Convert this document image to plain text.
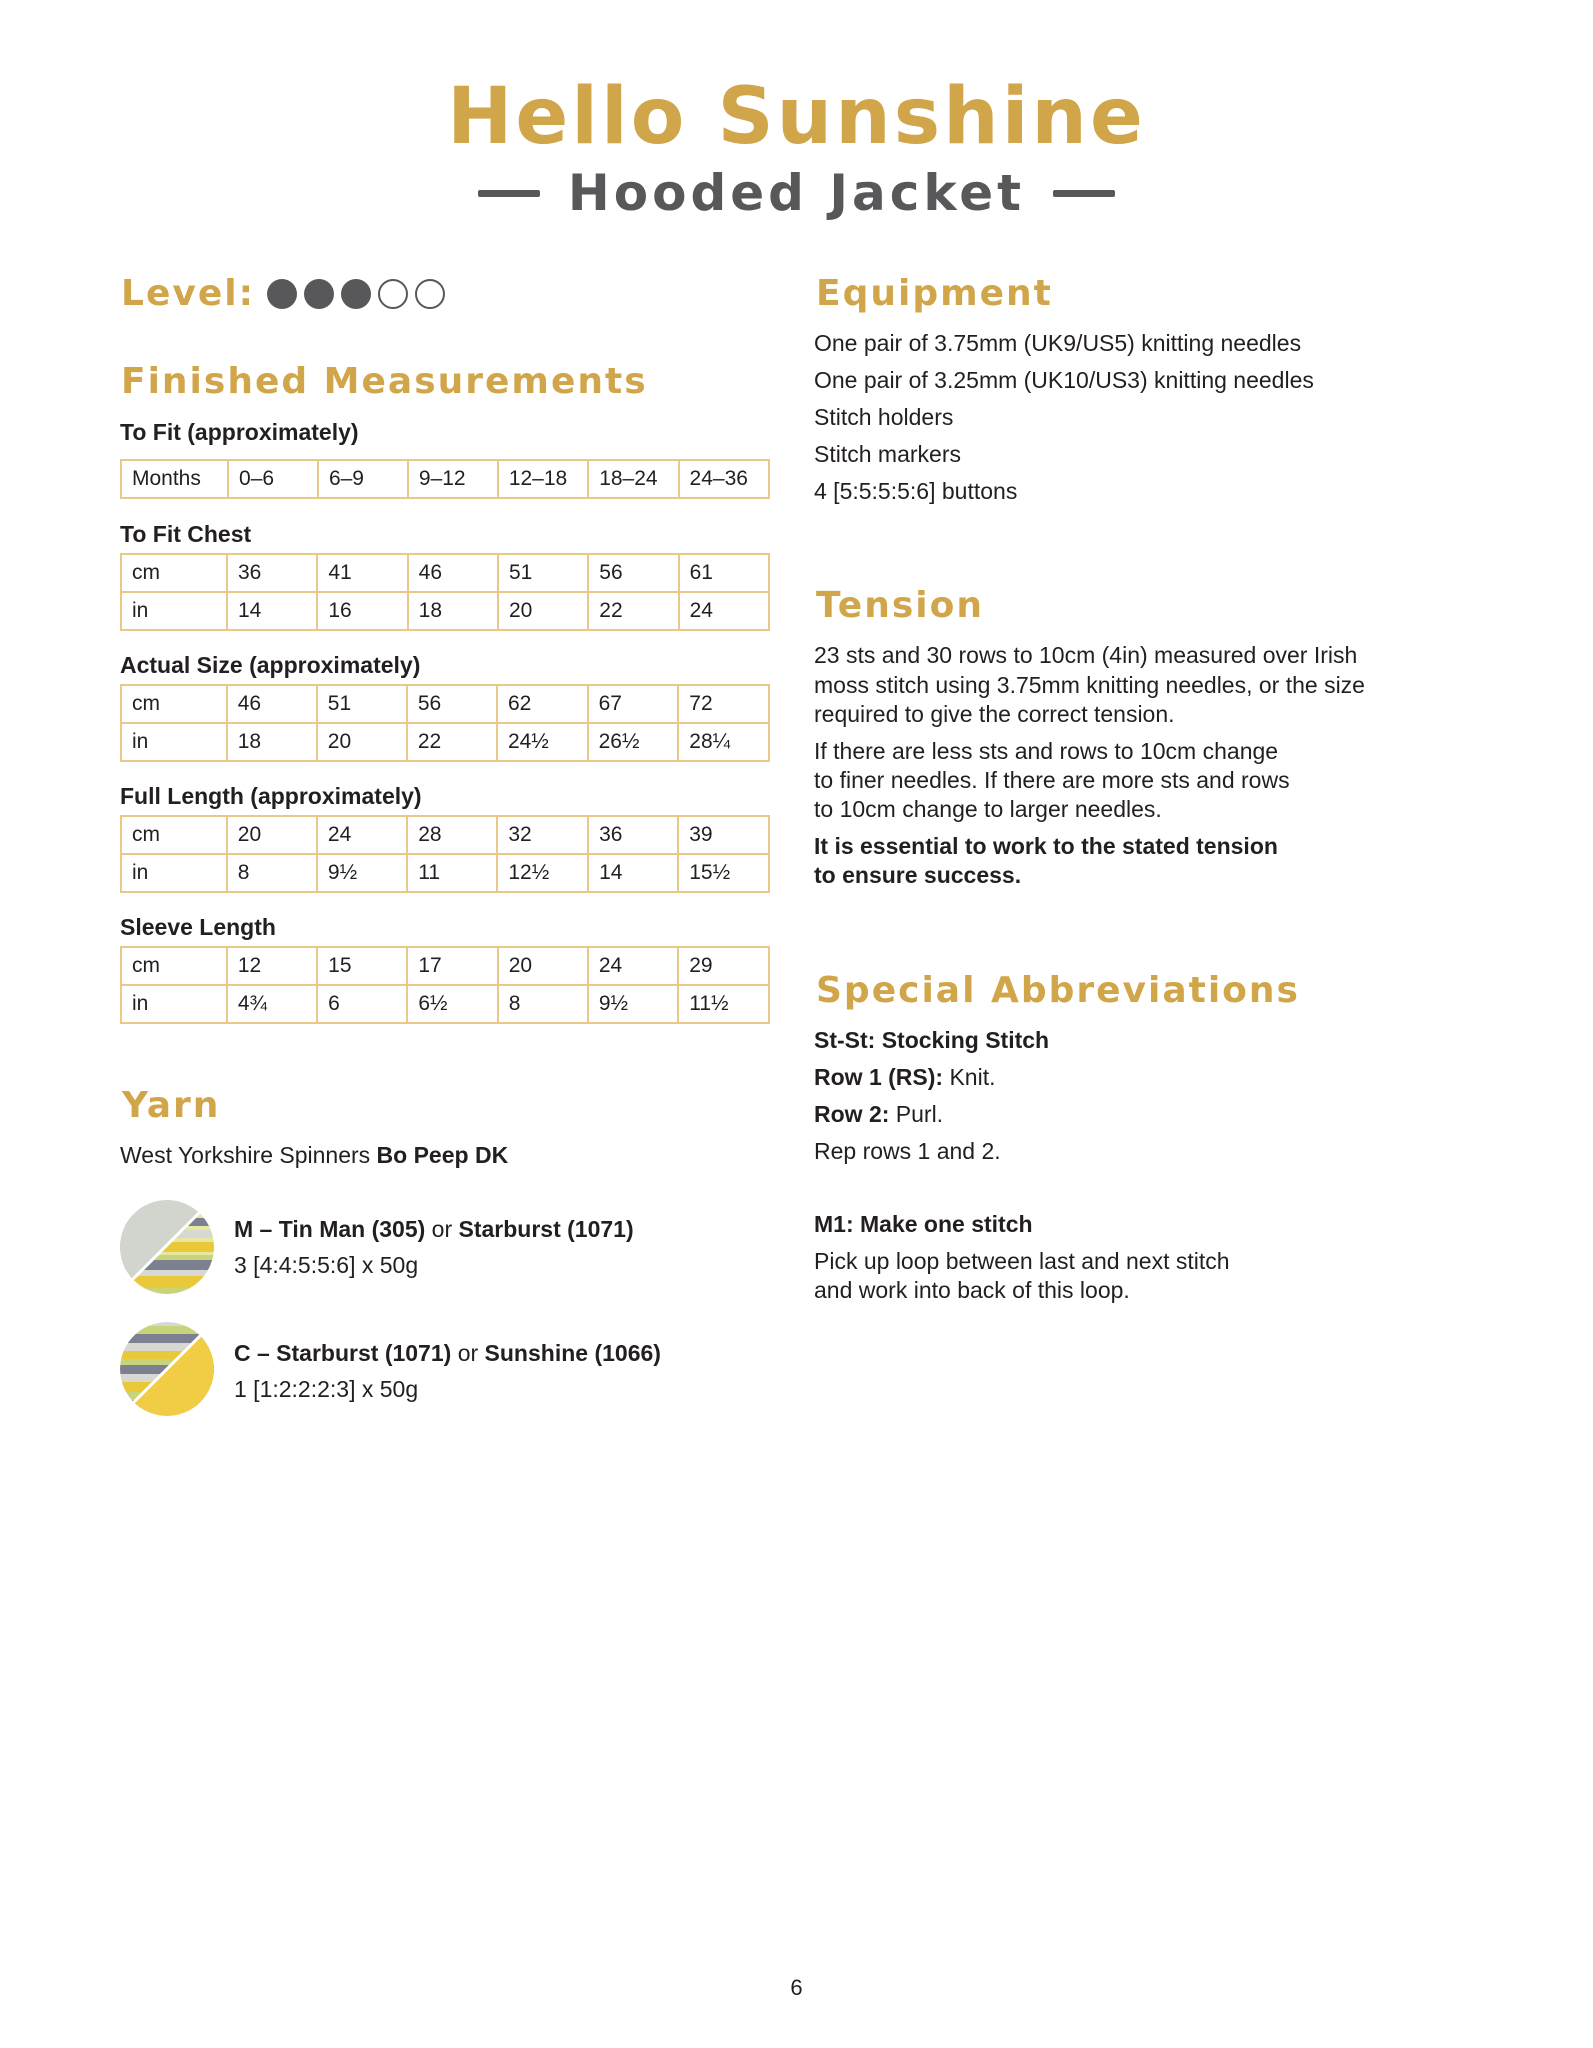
Hello Sunshine
Hooded Jacket
Level:
Finished Measurements
To Fit (approximately)
Months	0–6	6–9	9–12	12–18	18–24	24–36
To Fit Chest
cm	36	41	46	51	56	61
in	14	16	18	20	22	24
Actual Size (approximately)
cm	46	51	56	62	67	72
in	18	20	22	24½	26½	28¼
Full Length (approximately)
cm	20	24	28	32	36	39
in	8	9½	11	12½	14	15½
Sleeve Length
cm	12	15	17	20	24	29
in	4¾	6	6½	8	9½	11½
Yarn
West Yorkshire Spinners Bo Peep DK
M – Tin Man (305) or Starburst (1071)
3 [4:4:5:5:6] x 50g
C – Starburst (1071) or Sunshine (1066)
1 [1:2:2:2:3] x 50g
Equipment
One pair of 3.75mm (UK9/US5) knitting needles
One pair of 3.25mm (UK10/US3) knitting needles
Stitch holders
Stitch markers
4 [5:5:5:5:6] buttons
Tension
23 sts and 30 rows to 10cm (4in) measured over Irish
moss stitch using 3.75mm knitting needles, or the size
required to give the correct tension.
If there are less sts and rows to 10cm change
to finer needles. If there are more sts and rows
to 10cm change to larger needles.
It is essential to work to the stated tension
to ensure success.
Special Abbreviations
St-St: Stocking Stitch
Row 1 (RS): Knit.
Row 2: Purl.
Rep rows 1 and 2.
M1: Make one stitch
Pick up loop between last and next stitch
and work into back of this loop.
6
